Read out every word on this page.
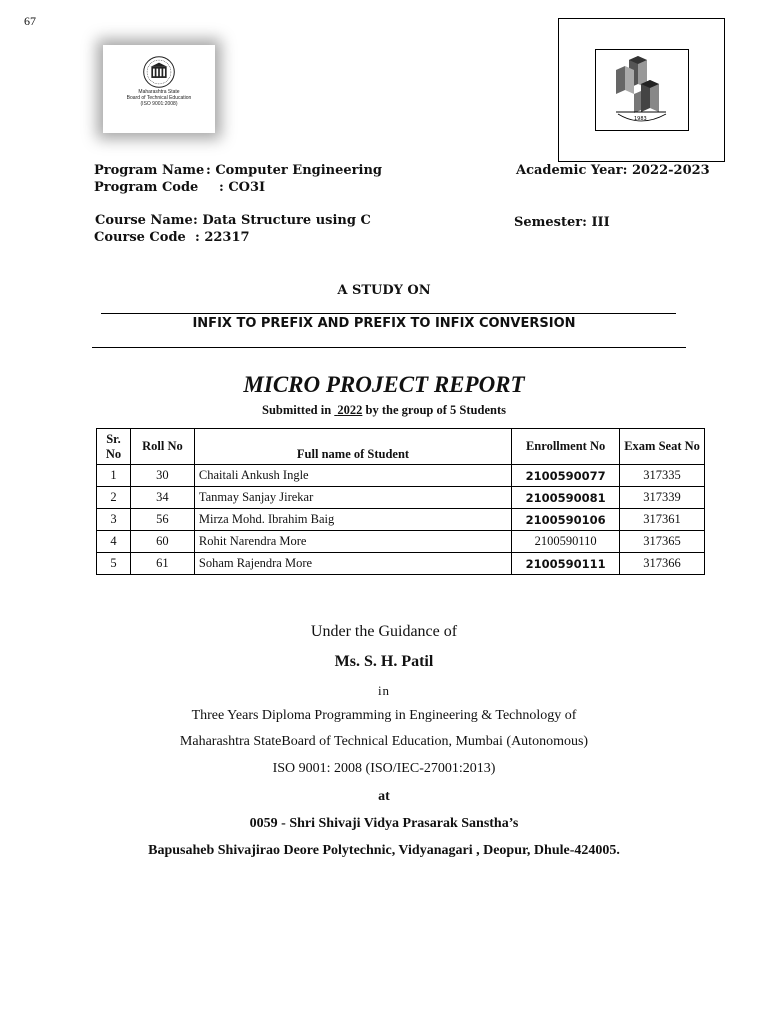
67
Maharashtra State
Board of Technical Education
(ISO 9001:2008)
1983
Program Name : Computer Engineering	Academic Year: 2022-2023
Program Code : CO3I
Course Name : Data Structure using C	Semester: III
Course Code : 22317
A STUDY ON
INFIX TO PREFIX AND PREFIX TO INFIX CONVERSION
MICRO PROJECT REPORT
Submitted in 2022 by the group of 5 Students
Sr. No	Roll No	Full name of Student	Enrollment No	Exam Seat No
1	30	Chaitali Ankush Ingle	2100590077	317335
2	34	Tanmay Sanjay Jirekar	2100590081	317339
3	56	Mirza Mohd. Ibrahim Baig	2100590106	317361
4	60	Rohit Narendra More	2100590110	317365
5	61	Soham Rajendra More	2100590111	317366
Under the Guidance of
Ms. S. H. Patil
in
Three Years Diploma Programming in Engineering & Technology of
Maharashtra StateBoard of Technical Education, Mumbai (Autonomous)
ISO 9001: 2008 (ISO/IEC-27001:2013)
at
0059 - Shri Shivaji Vidya Prasarak Sanstha’s
Bapusaheb Shivajirao Deore Polytechnic, Vidyanagari , Deopur, Dhule-424005.
